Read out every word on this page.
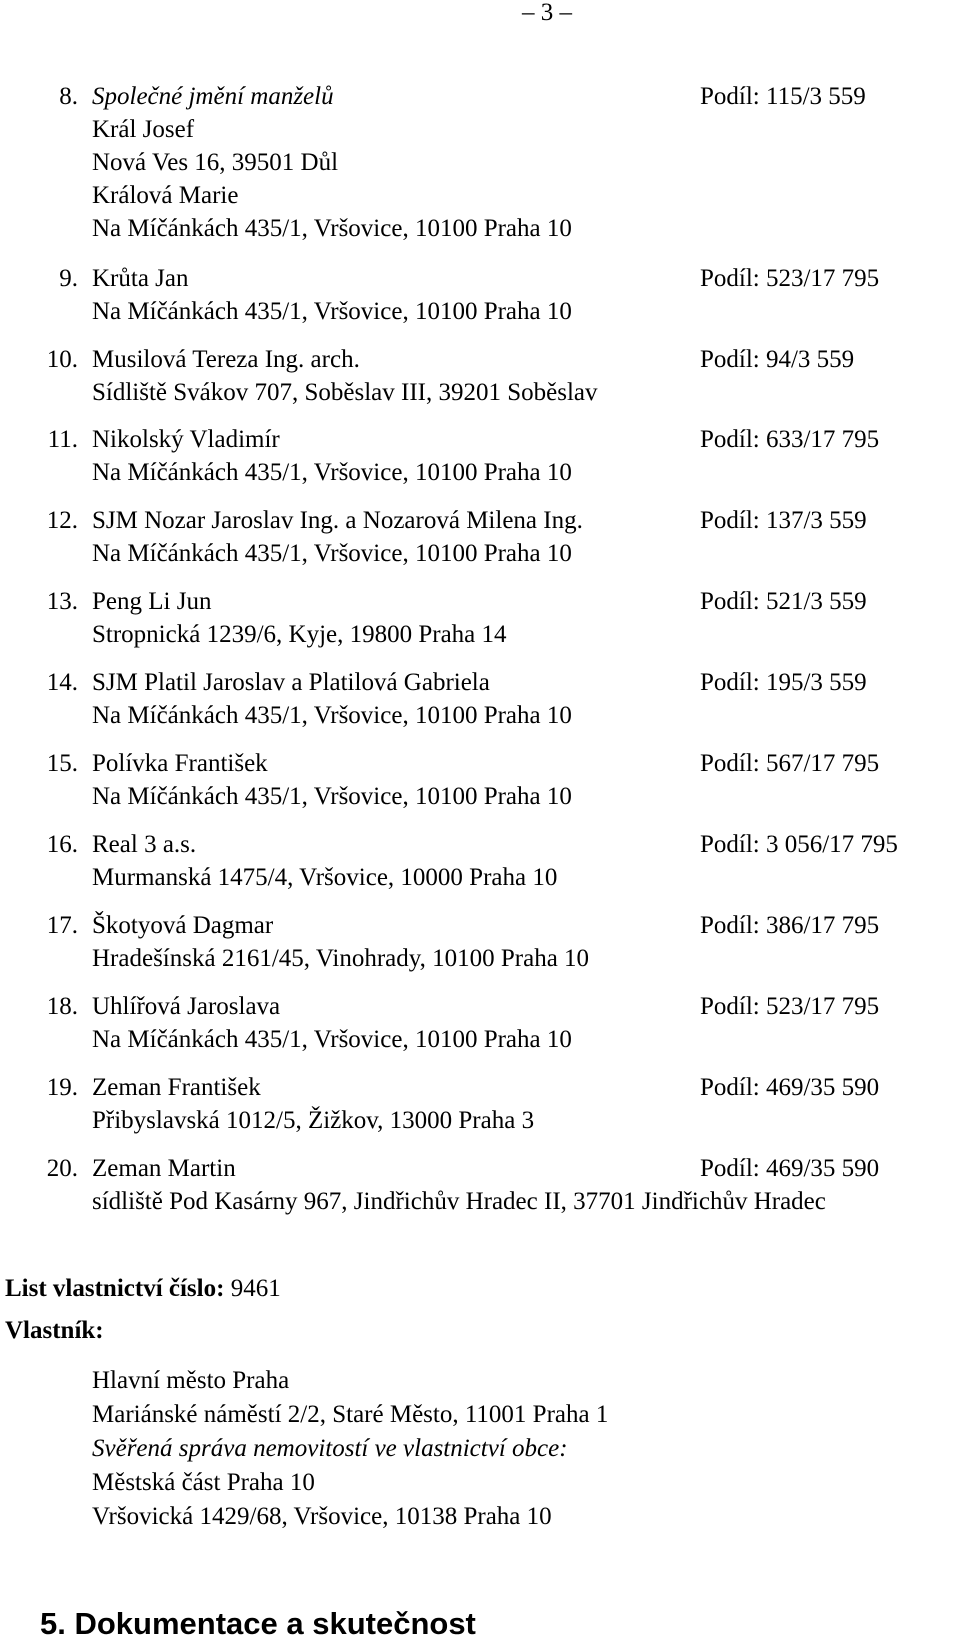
– 3 –
8. Společné jmění manželů	Podíl: 115/3 559
Král Josef
Nová Ves 16, 39501 Důl
Králová Marie
Na Míčánkách 435/1, Vršovice, 10100 Praha 10
9. Krůta Jan	Podíl: 523/17 795
Na Míčánkách 435/1, Vršovice, 10100 Praha 10
10. Musilová Tereza Ing. arch.	Podíl: 94/3 559
Sídliště Svákov 707, Soběslav III, 39201 Soběslav
11. Nikolský Vladimír	Podíl: 633/17 795
Na Míčánkách 435/1, Vršovice, 10100 Praha 10
12. SJM Nozar Jaroslav Ing. a Nozarová Milena Ing.	Podíl: 137/3 559
Na Míčánkách 435/1, Vršovice, 10100 Praha 10
13. Peng Li Jun	Podíl: 521/3 559
Stropnická 1239/6, Kyje, 19800 Praha 14
14. SJM Platil Jaroslav a Platilová Gabriela	Podíl: 195/3 559
Na Míčánkách 435/1, Vršovice, 10100 Praha 10
15. Polívka František	Podíl: 567/17 795
Na Míčánkách 435/1, Vršovice, 10100 Praha 10
16. Real 3 a.s.	Podíl: 3 056/17 795
Murmanská 1475/4, Vršovice, 10000 Praha 10
17. Škotyová Dagmar	Podíl: 386/17 795
Hradešínská 2161/45, Vinohrady, 10100 Praha 10
18. Uhlířová Jaroslava	Podíl: 523/17 795
Na Míčánkách 435/1, Vršovice, 10100 Praha 10
19. Zeman František	Podíl: 469/35 590
Přibyslavská 1012/5, Žižkov, 13000 Praha 3
20. Zeman Martin	Podíl: 469/35 590
sídliště Pod Kasárny 967, Jindřichův Hradec II, 37701 Jindřichův Hradec
List vlastnictví číslo: 9461
Vlastník:
Hlavní město Praha
Mariánské náměstí 2/2, Staré Město, 11001 Praha 1
Svěřená správa nemovitostí ve vlastnictví obce:
Městská část Praha 10
Vršovická 1429/68, Vršovice, 10138 Praha 10
5. Dokumentace a skutečnost
